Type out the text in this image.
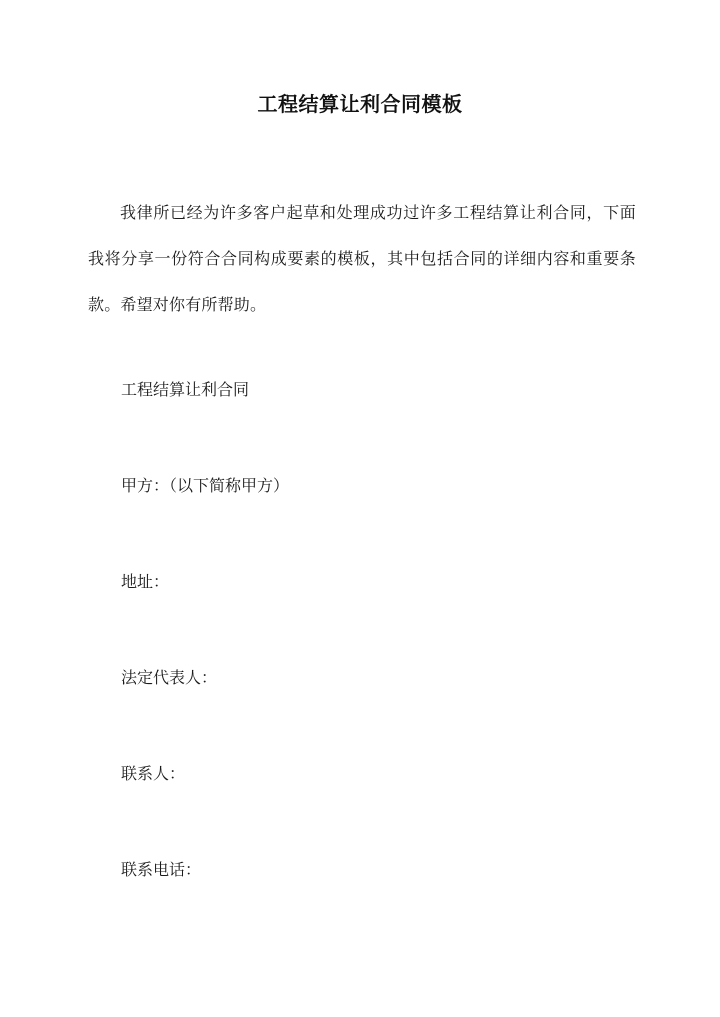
工程结算让利合同模板
我律所已经为许多客户起草和处理成功过许多工程结算让利合同，下面我将分享一份符合合同构成要素的模板，其中包括合同的详细内容和重要条款。希望对你有所帮助。
工程结算让利合同
甲方：（以下简称甲方）
地址：
法定代表人：
联系人：
联系电话：
